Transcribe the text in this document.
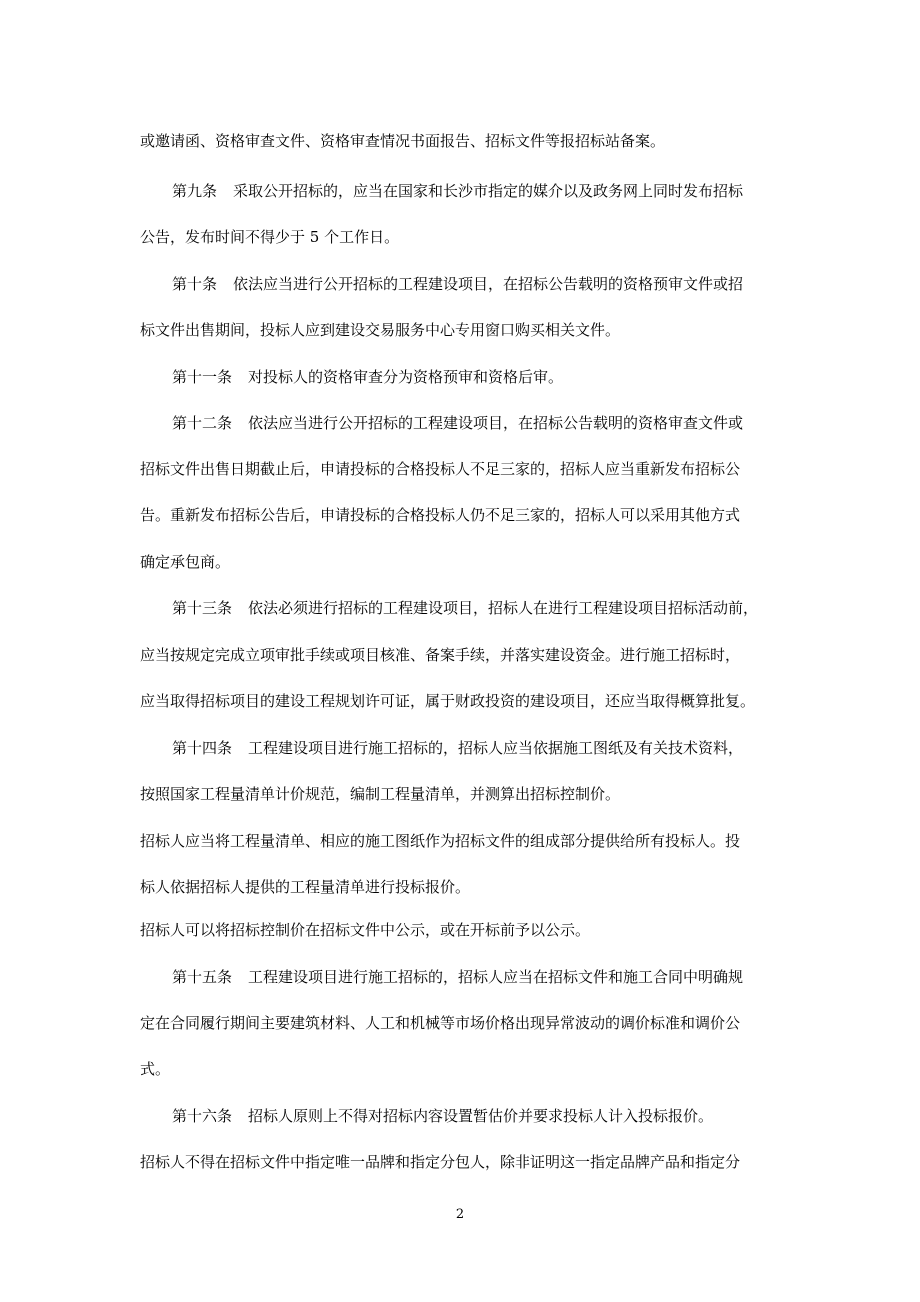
或邀请函、资格审查文件、资格审查情况书面报告、招标文件等报招标站备案。
第九条 采取公开招标的，应当在国家和长沙市指定的媒介以及政务网上同时发布招标
公告，发布时间不得少于 5 个工作日。
第十条 依法应当进行公开招标的工程建设项目，在招标公告载明的资格预审文件或招
标文件出售期间，投标人应到建设交易服务中心专用窗口购买相关文件。
第十一条 对投标人的资格审查分为资格预审和资格后审。
第十二条 依法应当进行公开招标的工程建设项目，在招标公告载明的资格审查文件或
招标文件出售日期截止后，申请投标的合格投标人不足三家的，招标人应当重新发布招标公
告。重新发布招标公告后，申请投标的合格投标人仍不足三家的，招标人可以采用其他方式
确定承包商。
第十三条 依法必须进行招标的工程建设项目，招标人在进行工程建设项目招标活动前，
应当按规定完成立项审批手续或项目核准、备案手续，并落实建设资金。进行施工招标时，
应当取得招标项目的建设工程规划许可证，属于财政投资的建设项目，还应当取得概算批复。
第十四条 工程建设项目进行施工招标的，招标人应当依据施工图纸及有关技术资料，
按照国家工程量清单计价规范，编制工程量清单，并测算出招标控制价。
招标人应当将工程量清单、相应的施工图纸作为招标文件的组成部分提供给所有投标人。投
标人依据招标人提供的工程量清单进行投标报价。
招标人可以将招标控制价在招标文件中公示，或在开标前予以公示。
第十五条 工程建设项目进行施工招标的，招标人应当在招标文件和施工合同中明确规
定在合同履行期间主要建筑材料、人工和机械等市场价格出现异常波动的调价标准和调价公
式。
第十六条 招标人原则上不得对招标内容设置暂估价并要求投标人计入投标报价。
招标人不得在招标文件中指定唯一品牌和指定分包人，除非证明这一指定品牌产品和指定分
2
